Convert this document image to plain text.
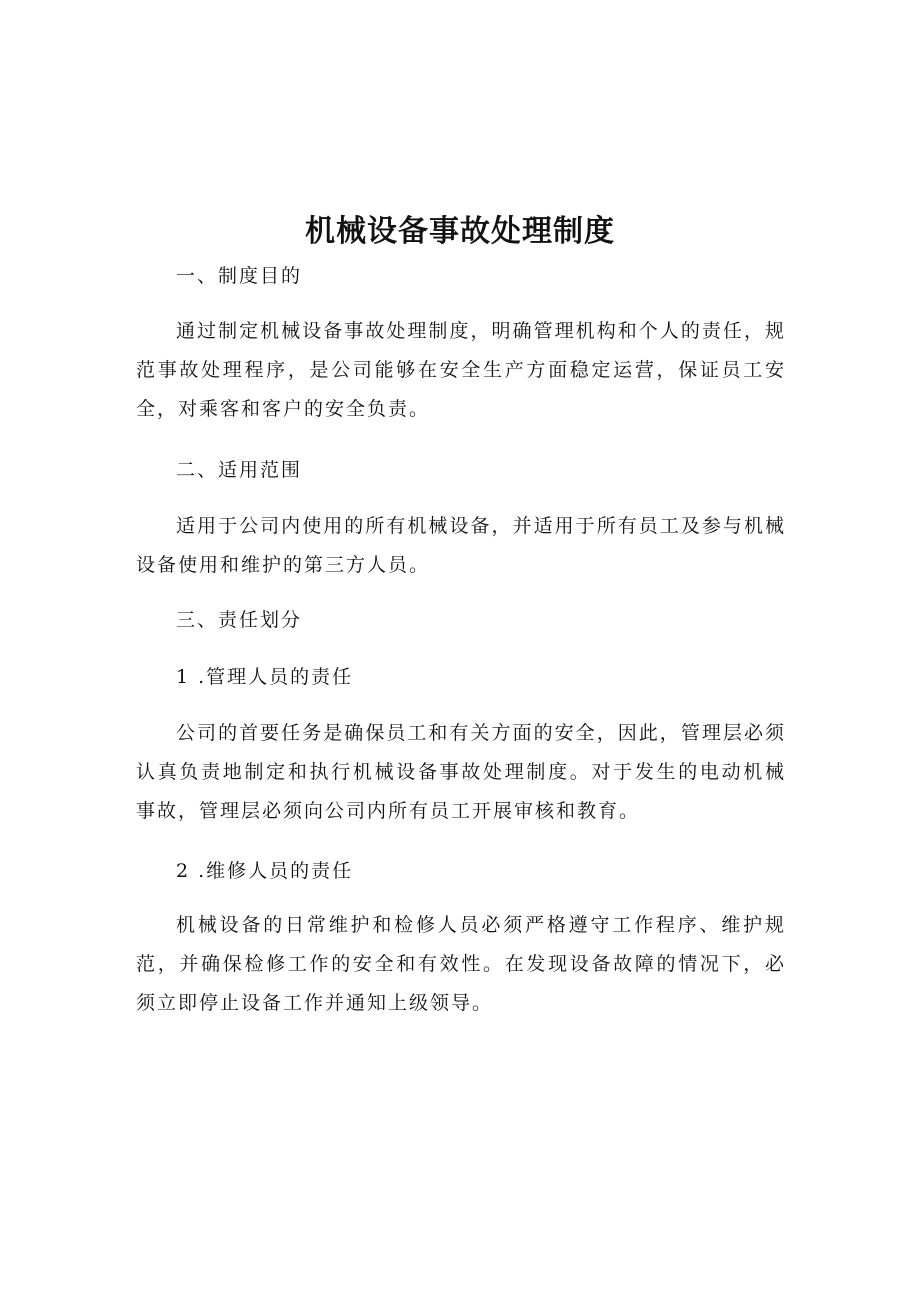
机械设备事故处理制度
一、制度目的
通过制定机械设备事故处理制度，明确管理机构和个人的责任，规范事故处理程序，是公司能够在安全生产方面稳定运营，保证员工安全，对乘客和客户的安全负责。
二、适用范围
适用于公司内使用的所有机械设备，并适用于所有员工及参与机械设备使用和维护的第三方人员。
三、责任划分
1 .管理人员的责任
公司的首要任务是确保员工和有关方面的安全，因此，管理层必须认真负责地制定和执行机械设备事故处理制度。对于发生的电动机械事故，管理层必须向公司内所有员工开展审核和教育。
2 .维修人员的责任
机械设备的日常维护和检修人员必须严格遵守工作程序、维护规范，并确保检修工作的安全和有效性。在发现设备故障的情况下，必须立即停止设备工作并通知上级领导。
